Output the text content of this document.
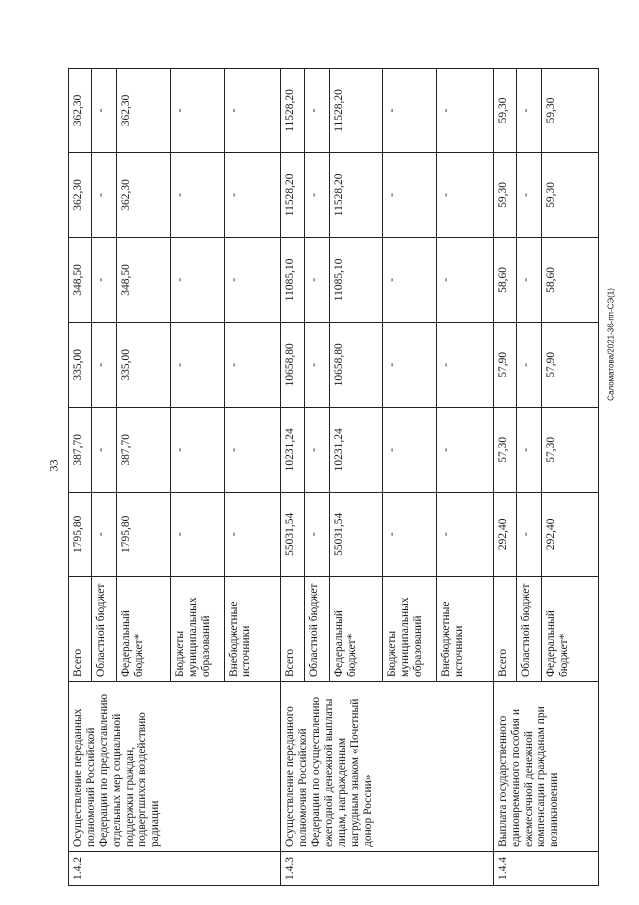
33
Саломатова/2021-36-пп-СЭ(1)
1.4.2	Осуществление переданных полномочий Российской Федерации по предоставлению отдельных мер социальной поддержки граждан, подвергшихся воздействию радиации	Всего	1795,80	387,70	335,00	348,50	362,30	362,30
		Областной бюджет	-	-	-	-	-	-
		Федеральный бюджет*	1795,80	387,70	335,00	348,50	362,30	362,30
		Бюджеты муниципальных образований	-	-	-	-	-	-
		Внебюджетные источники	-	-	-	-	-	-
1.4.3	Осуществление переданного полномочия Российской Федерации по осуществлению ежегодной денежной выплаты лицам, награжденным нагрудным знаком «Почетный донор России»	Всего	55031,54	10231,24	10658,80	11085,10	11528,20	11528,20
		Областной бюджет	-	-	-	-	-	-
		Федеральный бюджет*	55031,54	10231,24	10658,80	11085,10	11528,20	11528,20
		Бюджеты муниципальных образований	-	-	-	-	-	-
		Внебюджетные источники	-	-	-	-	-	-
1.4.4	Выплата государственного единовременного пособия и ежемесячной денежной компенсации гражданам при возникновении	Всего	292,40	57,30	57,90	58,60	59,30	59,30
		Областной бюджет	-	-	-	-	-	-
		Федеральный бюджет*	292,40	57,30	57,90	58,60	59,30	59,30
